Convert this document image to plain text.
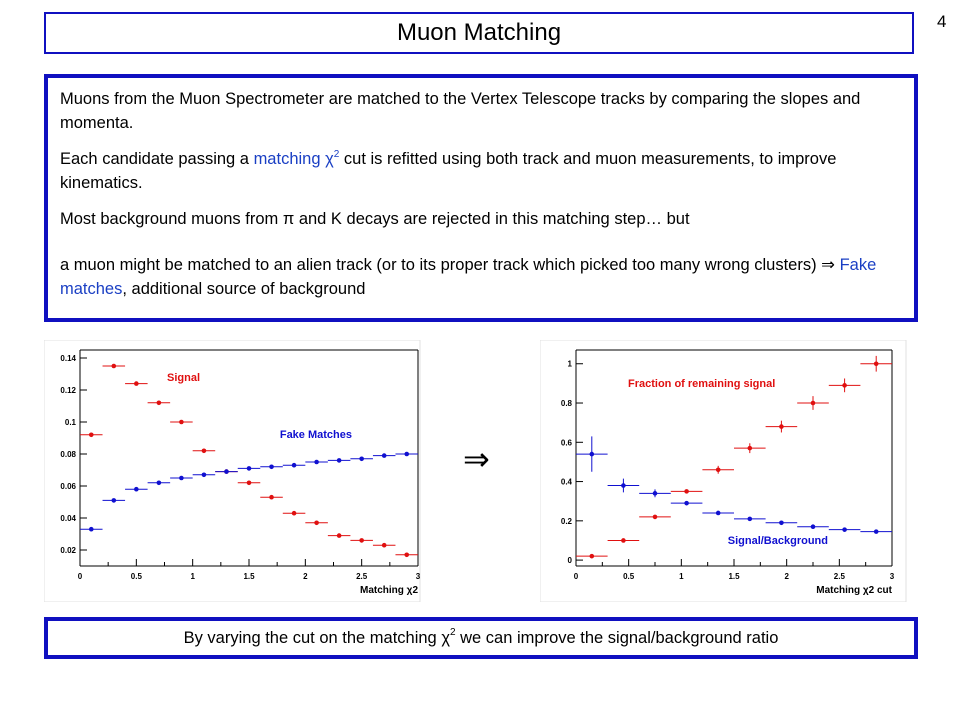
Muon Matching	4

Muons from the Muon Spectrometer are matched to the Vertex Telescope tracks by comparing the slopes and momenta.

Each candidate passing a matching $\chi^2$ cut is refitted using both track and muon measurements, to improve kinematics.

Most background muons from π and K decays are rejected in this matching step… but

a muon might be matched to an alien track (or to its proper track which picked too many wrong clusters) ⇒ Fake matches, additional source of background

0	0.5	1	1.5	2	2.5	3
0.02
0.04
0.06
0.08
0.1
0.12
0.14
Matching χ2
Signal
Fake Matches
⇒
0	0.5	1	1.5	2	2.5	3
0
0.2
0.4
0.6
0.8
1
Matching χ2 cut
Fraction of remaining signal
Signal/Background
By varying the cut on the matching $\chi^2$ we can improve the signal/background ratio
